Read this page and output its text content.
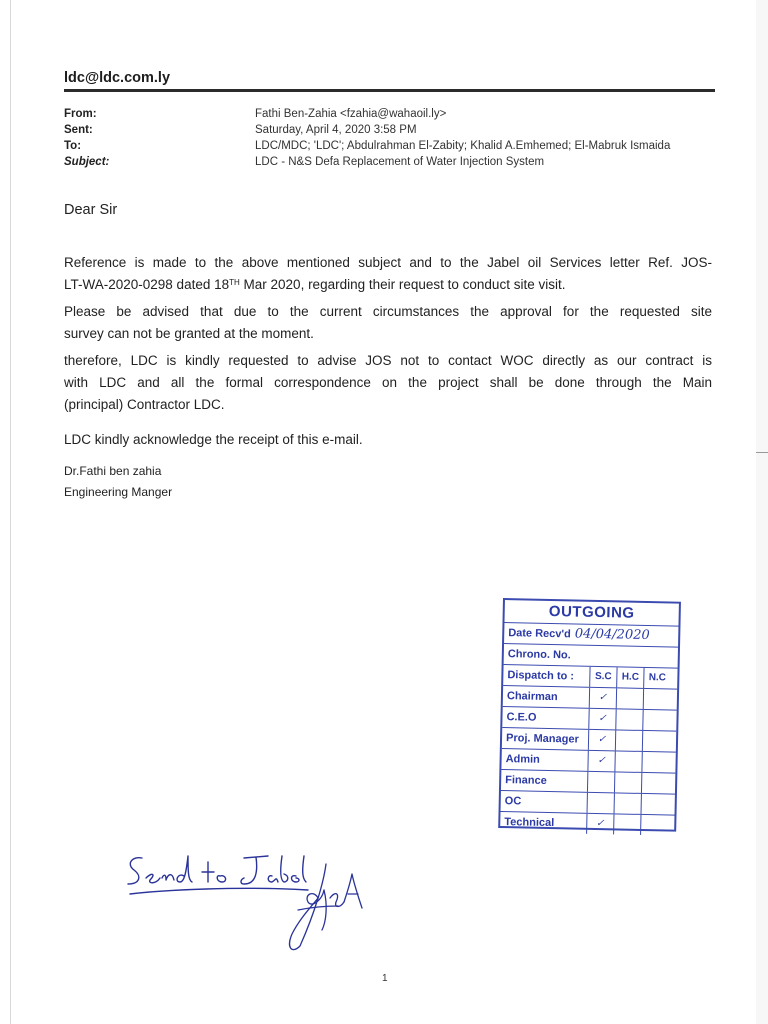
ldc@ldc.com.ly
From:	Fathi Ben-Zahia <fzahia@wahaoil.ly>
Sent:	Saturday, April 4, 2020 3:58 PM
To:	LDC/MDC; 'LDC'; Abdulrahman El-Zabity; Khalid A.Emhemed; El-Mabruk Ismaida
Subject:	LDC - N&S Defa Replacement of Water Injection System
Dear Sir
Reference is made to the above mentioned subject and to the Jabel oil Services letter Ref. JOS-
LT-WA-2020-0298 dated 18TH Mar 2020, regarding their request to conduct site visit.
Please be advised that due to the current circumstances the approval for the requested site
survey can not be granted at the moment.
therefore, LDC is kindly requested to advise JOS not to contact WOC directly as our contract is
with LDC and all the formal correspondence on the project shall be done through the Main
(principal) Contractor LDC.
LDC kindly acknowledge the receipt of this e-mail.
Dr.Fathi ben zahia
Engineering Manger
OUTGOING
Date Recv'd 04/04/2020
Chrono. No.
Dispatch to :	S.C H.C N.C
Chairman	✓
C.E.O	✓
Proj. Manager	✓
Admin	✓
Finance
OC
Technical	✓
1
